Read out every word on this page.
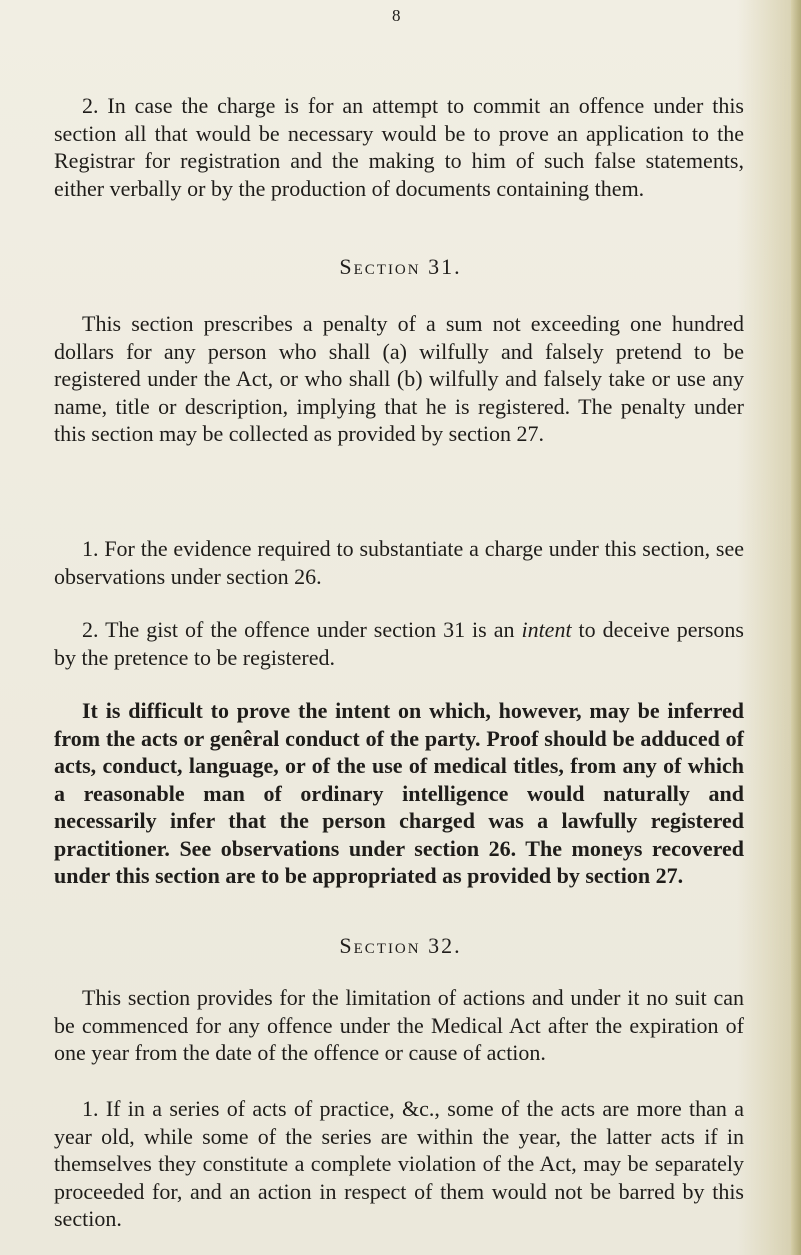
8

2. In case the charge is for an attempt to commit an offence under this section all that would be necessary would be to prove an application to the Registrar for registration and the making to him of such false statements, either verbally or by the production of documents containing them.

Section 31.

This section prescribes a penalty of a sum not exceeding one hundred dollars for any person who shall (a) wilfully and falsely pretend to be registered under the Act, or who shall (b) wilfully and falsely take or use any name, title or description, implying that he is registered. The penalty under this section may be collected as provided by section 27.

1. For the evidence required to substantiate a charge under this section, see observations under section 26.

2. The gist of the offence under section 31 is an intent to deceive persons by the pretence to be registered.

It is difficult to prove the intent on which, however, may be inferred from the acts or genêral conduct of the party. Proof should be adduced of acts, conduct, language, or of the use of medical titles, from any of which a reasonable man of ordinary intelligence would naturally and necessarily infer that the person charged was a lawfully registered practitioner. See observations under section 26. The moneys recovered under this section are to be appropriated as provided by section 27.

Section 32.

This section provides for the limitation of actions and under it no suit can be commenced for any offence under the Medical Act after the expiration of one year from the date of the offence or cause of action.

1. If in a series of acts of practice, &c., some of the acts are more than a year old, while some of the series are within the year, the latter acts if in themselves they constitute a complete violation of the Act, may be separately proceeded for, and an action in respect of them would not be barred by this section.
